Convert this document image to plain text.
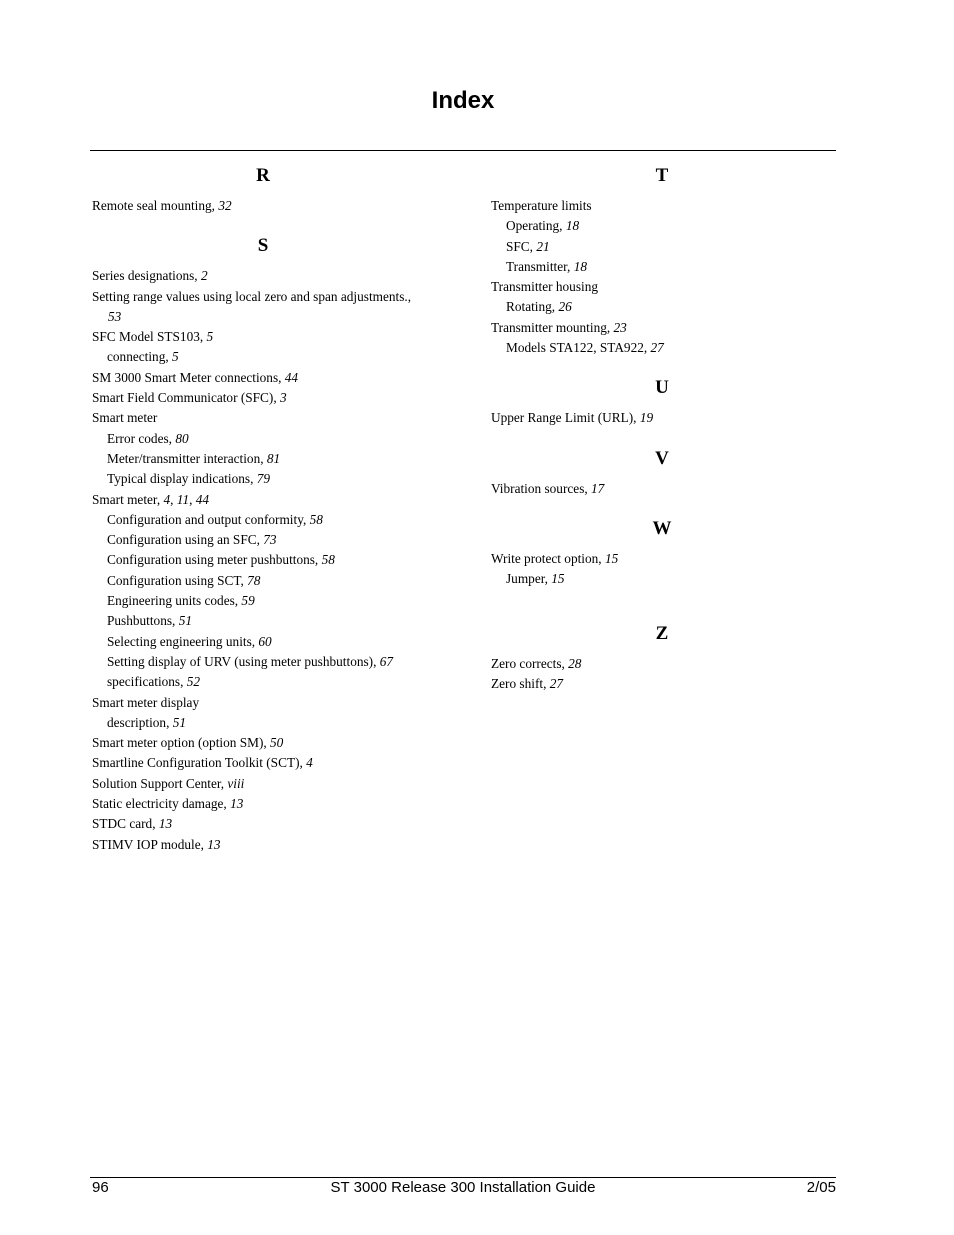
Index
R
Remote seal mounting, 32
S
Series designations, 2
Setting range values using local zero and span adjustments.,
53
SFC Model STS103, 5
connecting, 5
SM 3000 Smart Meter connections, 44
Smart Field Communicator (SFC), 3
Smart meter
Error codes, 80
Meter/transmitter interaction, 81
Typical display indications, 79
Smart meter, 4, 11, 44
Configuration and output conformity, 58
Configuration using an SFC, 73
Configuration using meter pushbuttons, 58
Configuration using SCT, 78
Engineering units codes, 59
Pushbuttons, 51
Selecting engineering units, 60
Setting display of URV (using meter pushbuttons), 67
specifications, 52
Smart meter display
description, 51
Smart meter option (option SM), 50
Smartline Configuration Toolkit (SCT), 4
Solution Support Center, viii
Static electricity damage, 13
STDC card, 13
STIMV IOP module, 13
T
Temperature limits
Operating, 18
SFC, 21
Transmitter, 18
Transmitter housing
Rotating, 26
Transmitter mounting, 23
Models STA122, STA922, 27
U
Upper Range Limit (URL), 19
V
Vibration sources, 17
W
Write protect option, 15
Jumper, 15
Z
Zero corrects, 28
Zero shift, 27
96	ST 3000 Release 300 Installation Guide	2/05
